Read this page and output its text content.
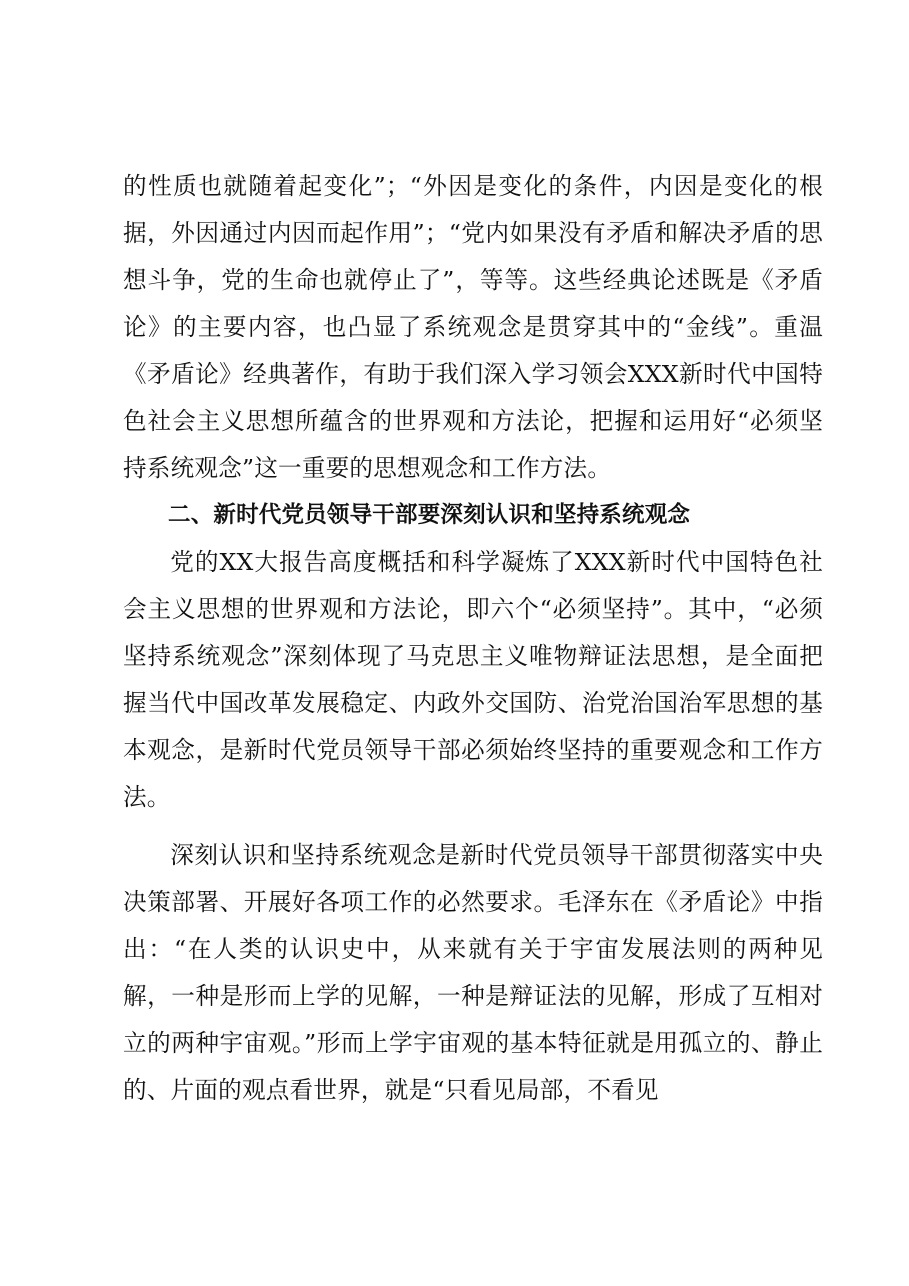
的性质也就随着起变化”；“外因是变化的条件，内因是变化的根据，外因通过内因而起作用”；“党内如果没有矛盾和解决矛盾的思想斗争，党的生命也就停止了”，等等。这些经典论述既是《矛盾论》的主要内容，也凸显了系统观念是贯穿其中的“金线”。重温《矛盾论》经典著作，有助于我们深入学习领会XXX新时代中国特色社会主义思想所蕴含的世界观和方法论，把握和运用好“必须坚持系统观念”这一重要的思想观念和工作方法。

二、新时代党员领导干部要深刻认识和坚持系统观念

党的XX大报告高度概括和科学凝炼了XXX新时代中国特色社会主义思想的世界观和方法论，即六个“必须坚持”。其中，“必须坚持系统观念”深刻体现了马克思主义唯物辩证法思想，是全面把握当代中国改革发展稳定、内政外交国防、治党治国治军思想的基本观念，是新时代党员领导干部必须始终坚持的重要观念和工作方法。

深刻认识和坚持系统观念是新时代党员领导干部贯彻落实中央决策部署、开展好各项工作的必然要求。毛泽东在《矛盾论》中指出：“在人类的认识史中，从来就有关于宇宙发展法则的两种见解，一种是形而上学的见解，一种是辩证法的见解，形成了互相对立的两种宇宙观。”形而上学宇宙观的基本特征就是用孤立的、静止的、片面的观点看世界，就是“只看见局部，不看见
